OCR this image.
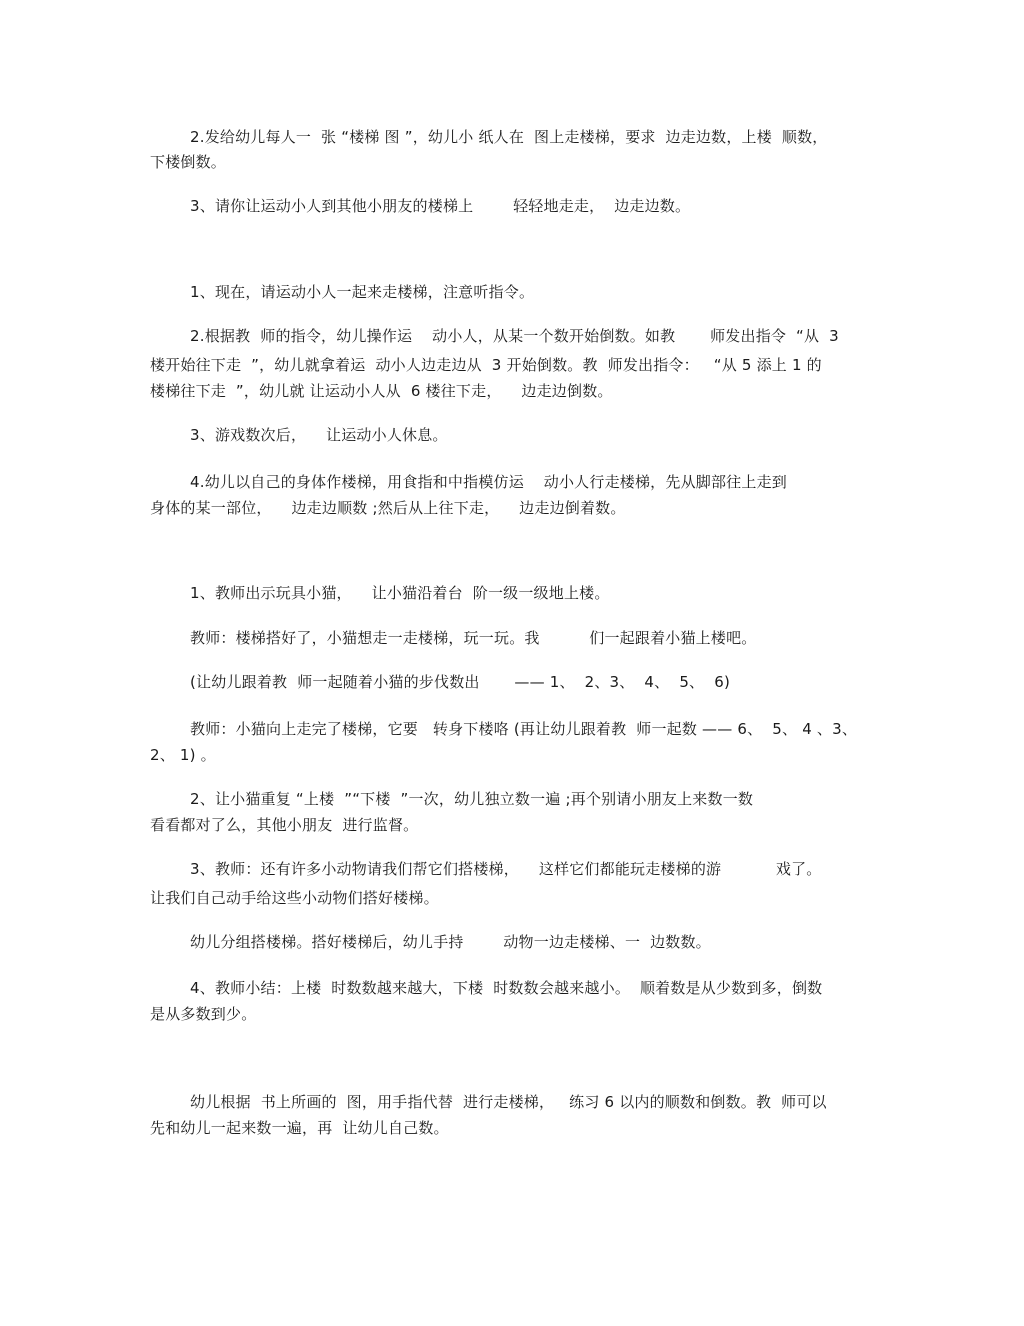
2.发给幼儿每人一  张 “楼梯 图 ”，幼儿小 纸人在  图上走楼梯，要求  边走边数，上楼  顺数，
下楼倒数。
3、请你让运动小人到其他小朋友的楼梯上        轻轻地走走，  边走边数。
1、现在，请运动小人一起来走楼梯，注意听指令。
2.根据教  师的指令，幼儿操作运    动小人，从某一个数开始倒数。如教       师发出指令  “从  3
楼开始往下走  ”，幼儿就拿着运  动小人边走边从  3 开始倒数。教  师发出指令：   “从 5 添上 1 的
楼梯往下走  ”，幼儿就 让运动小人从  6 楼往下走，    边走边倒数。
3、游戏数次后，    让运动小人休息。
4.幼儿以自己的身体作楼梯，用食指和中指模仿运    动小人行走楼梯，先从脚部往上走到
身体的某一部位，    边走边顺数 ;然后从上往下走，    边走边倒着数。
1、教师出示玩具小猫，    让小猫沿着台  阶一级一级地上楼。
教师：楼梯搭好了，小猫想走一走楼梯，玩一玩。我          们一起跟着小猫上楼吧。
(让幼儿跟着教  师一起随着小猫的步伐数出       —— 1、  2、3、  4、  5、  6)
教师：小猫向上走完了楼梯，它要   转身下楼咯 (再让幼儿跟着教  师一起数 —— 6、  5、 4 、3、
2、 1) 。
2、让小猫重复 “上楼  ”“下楼  ”一次，幼儿独立数一遍 ;再个别请小朋友上来数一数
看看都对了么，其他小朋友  进行监督。
3、教师：还有许多小动物请我们帮它们搭楼梯，    这样它们都能玩走楼梯的游           戏了。
让我们自己动手给这些小动物们搭好楼梯。
幼儿分组搭楼梯。搭好楼梯后，幼儿手持        动物一边走楼梯、一  边数数。
4、教师小结：上楼  时数数越来越大，下楼  时数数会越来越小。  顺着数是从少数到多，倒数
是从多数到少。
幼儿根据  书上所画的  图，用手指代替  进行走楼梯，   练习 6 以内的顺数和倒数。教  师可以
先和幼儿一起来数一遍，再  让幼儿自己数。
